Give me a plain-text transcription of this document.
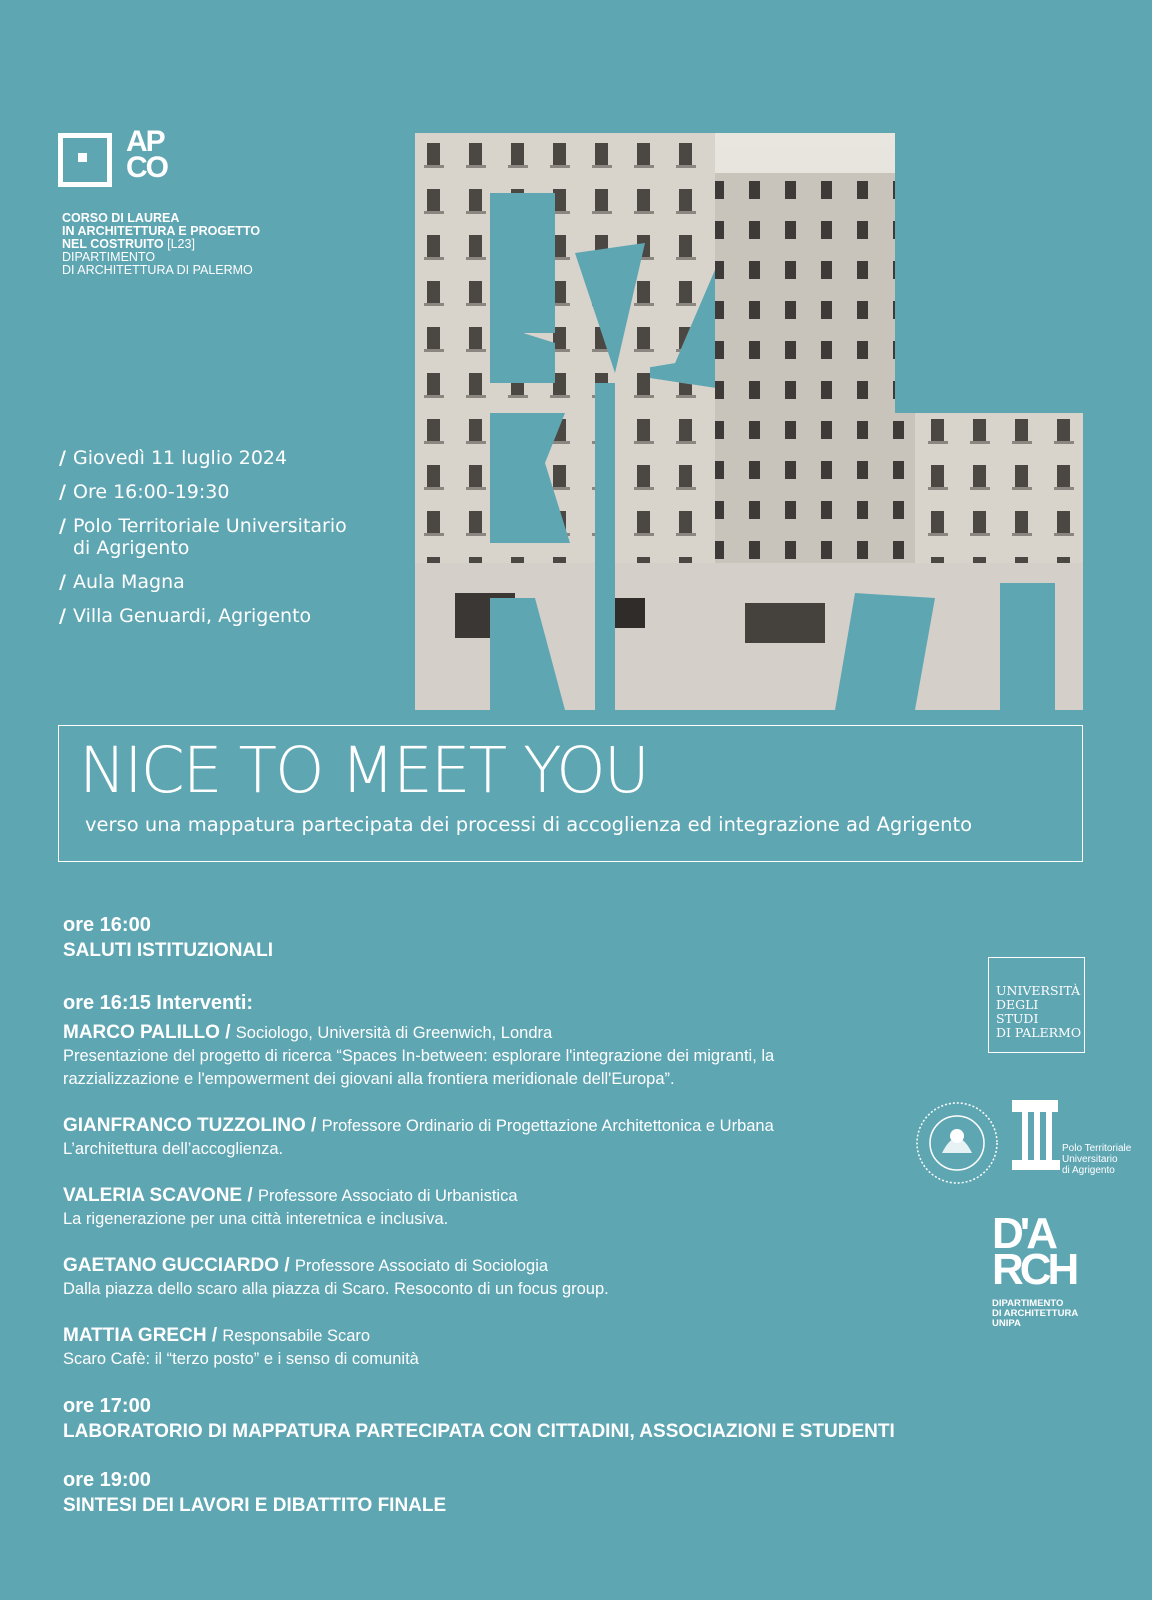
AP
CO
CORSO DI LAUREA
IN ARCHITETTURA E PROGETTO
NEL COSTRUITO [L23]
DIPARTIMENTO
DI ARCHITETTURA DI PALERMO
/ Giovedì 11 luglio 2024
/ Ore 16:00-19:30
/ Polo Territoriale Universitario di Agrigento
/ Aula Magna
/ Villa Genuardi, Agrigento
NICE TO MEET YOU
verso una mappatura partecipata dei processi di accoglienza ed integrazione ad Agrigento
ore 16:00
SALUTI ISTITUZIONALI
ore 16:15 Interventi:
MARCO PALILLO / Sociologo, Università di Greenwich, Londra
Presentazione del progetto di ricerca “Spaces In-between: esplorare l'integrazione dei migranti, la razzializzazione e l'empowerment dei giovani alla frontiera meridionale dell'Europa”.
GIANFRANCO TUZZOLINO / Professore Ordinario di Progettazione Architettonica e Urbana
L’architettura dell’accoglienza.
VALERIA SCAVONE / Professore Associato di Urbanistica
La rigenerazione per una città interetnica e inclusiva.
GAETANO GUCCIARDO / Professore Associato di Sociologia
Dalla piazza dello scaro alla piazza di Scaro. Resoconto di un focus group.
MATTIA GRECH / Responsabile Scaro
Scaro Cafè: il “terzo posto” e i senso di comunità
ore 17:00
LABORATORIO DI MAPPATURA PARTECIPATA CON CITTADINI, ASSOCIAZIONI E STUDENTI
ore 19:00
SINTESI DEI LAVORI E DIBATTITO FINALE
UNIVERSITÀ
DEGLI STUDI
DI PALERMO
Polo Territoriale
Universitario
di Agrigento
D'A
RCH
DIPARTIMENTO
DI ARCHITETTURA
UNIPA
